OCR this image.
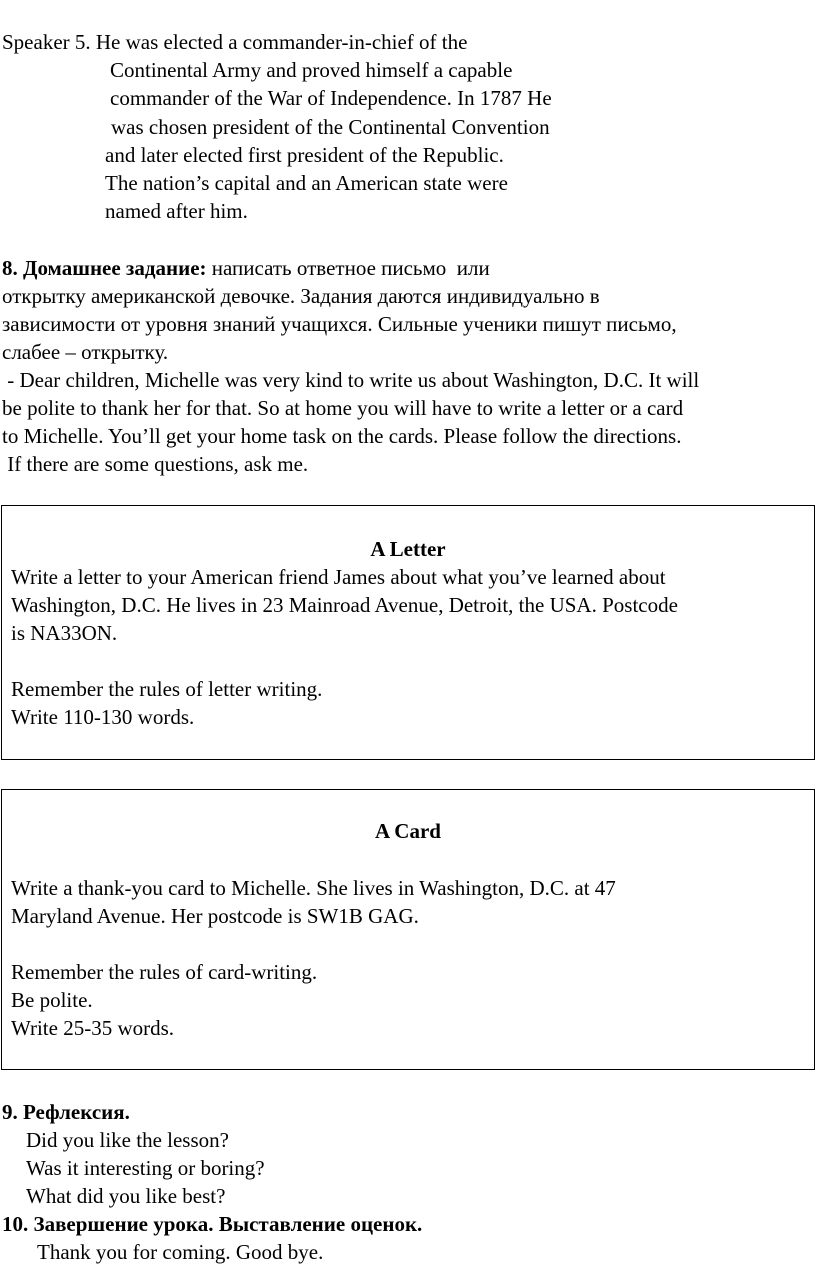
Speaker 5. He was elected a commander-in-chief of the
Continental Army and proved himself a capable
commander of the War of Independence. In 1787 He
was chosen president of the Continental Convention
and later elected first president of the Republic.
The nation’s capital and an American state were
named after him.
8. Домашнее задание: написать ответное письмо  или
открытку американской девочке. Задания даются индивидуально в
зависимости от уровня знаний учащихся. Сильные ученики пишут письмо,
слабее – открытку.
- Dear children, Michelle was very kind to write us about Washington, D.C. It will
be polite to thank her for that. So at home you will have to write a letter or a card
to Michelle. You’ll get your home task on the cards. Please follow the directions.
If there are some questions, ask me.
A Letter
Write a letter to your American friend James about what you’ve learned about
Washington, D.C. He lives in 23 Mainroad Avenue, Detroit, the USA. Postcode
is NA33ON.
Remember the rules of letter writing.
Write 110-130 words.
A Card
Write a thank-you card to Michelle. She lives in Washington, D.C. at 47
Maryland Avenue. Her postcode is SW1B GAG.
Remember the rules of card-writing.
Be polite.
Write 25-35 words.
9. Рефлексия.
Did you like the lesson?
Was it interesting or boring?
What did you like best?
10. Завершение урока. Выставление оценок.
Thank you for coming. Good bye.
